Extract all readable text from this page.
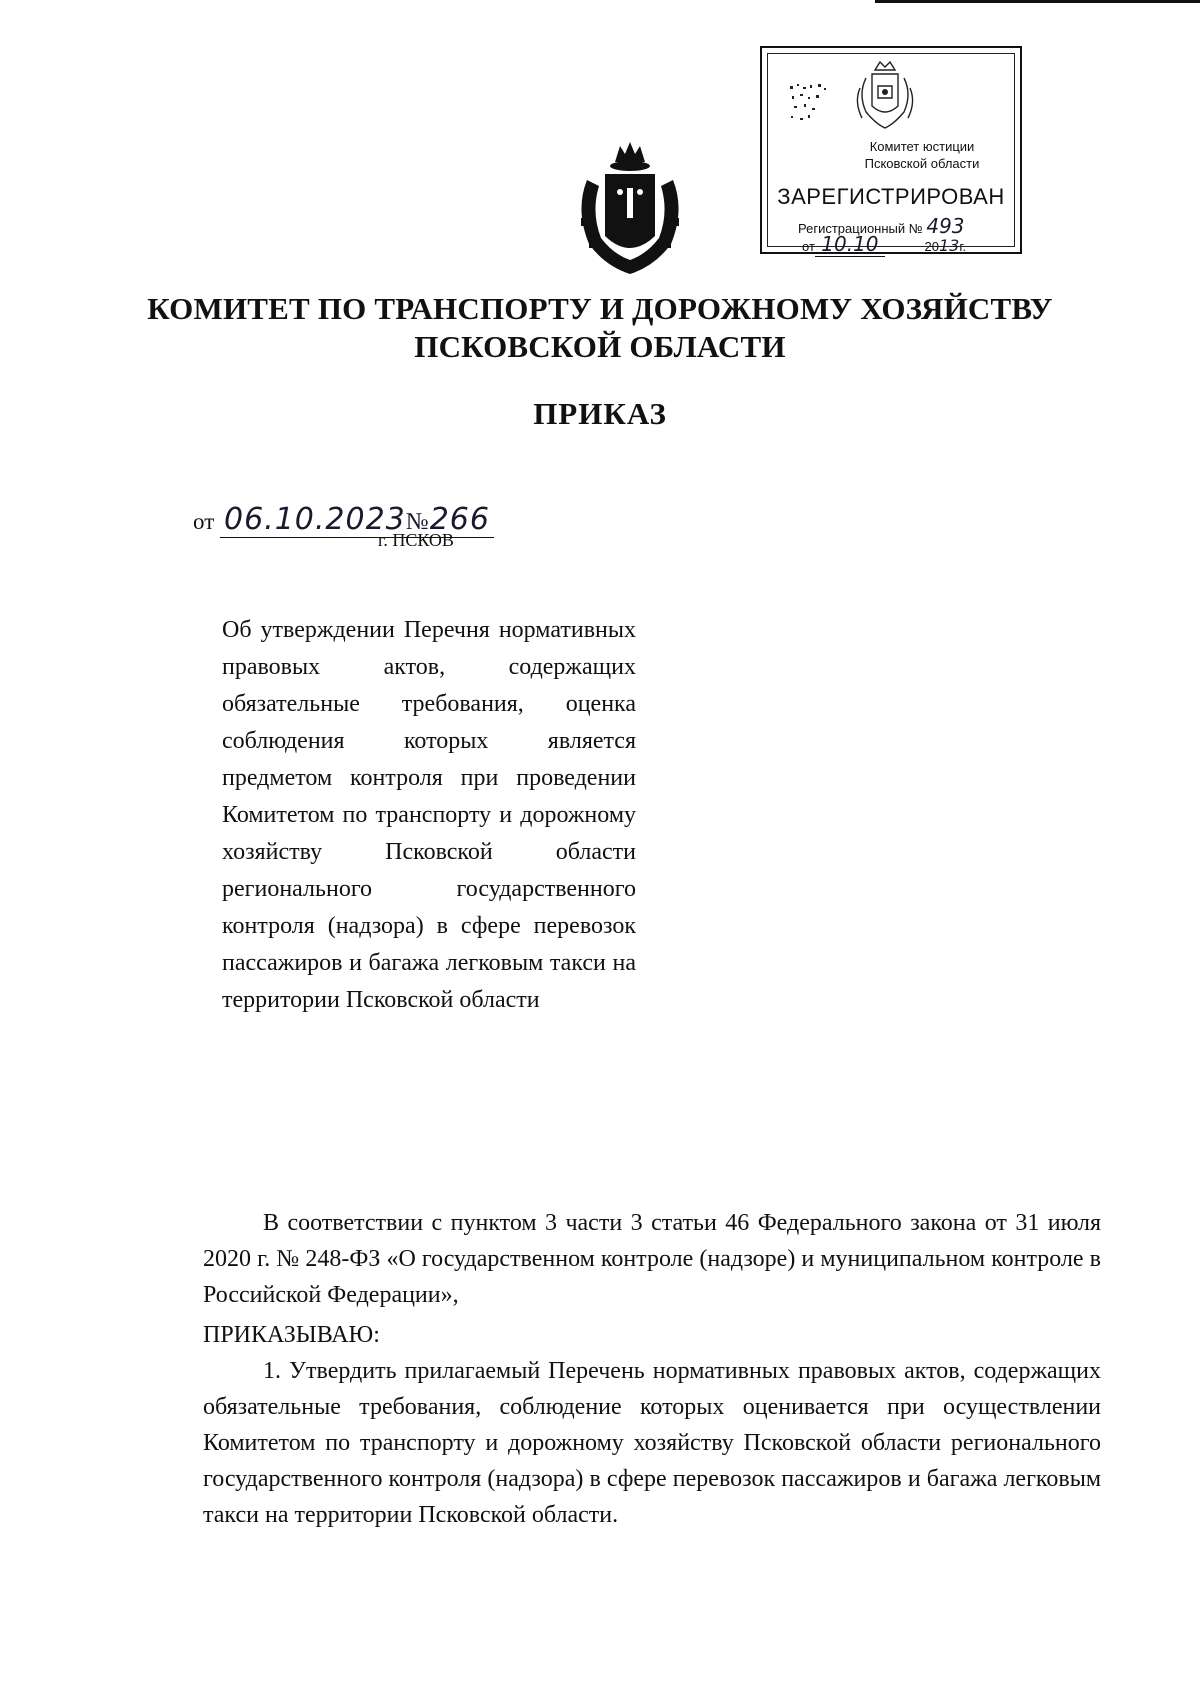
Комитет юстиции
Псковской области
ЗАРЕГИСТРИРОВАН
Регистрационный № 493
от 10.10	2013г.
КОМИТЕТ ПО ТРАНСПОРТУ И ДОРОЖНОМУ ХОЗЯЙСТВУ
ПСКОВСКОЙ ОБЛАСТИ
ПРИКАЗ
от 06.10.2023№266
г. ПСКОВ
Об утверждении Перечня нормативных правовых актов, содержащих обязательные требования, оценка соблюдения которых является предметом контроля при проведении Комитетом по транспорту и дорожному хозяйству Псковской области регионального государственного контроля (надзора) в сфере перевозок пассажиров и багажа легковым такси на территории Псковской области

В соответствии с пунктом 3 части 3 статьи 46 Федерального закона от 31 июля 2020 г. № 248-ФЗ «О государственном контроле (надзоре) и муниципальном контроле в Российской Федерации»,

ПРИКАЗЫВАЮ:

1. Утвердить прилагаемый Перечень нормативных правовых актов, содержащих обязательные требования, соблюдение которых оценивается при осуществлении Комитетом по транспорту и дорожному хозяйству Псковской области регионального государственного контроля (надзора) в сфере перевозок пассажиров и багажа легковым такси на территории Псковской области.
